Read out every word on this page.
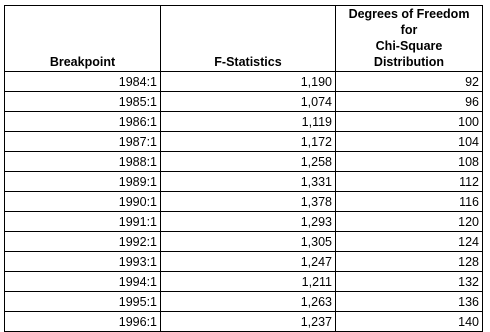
Breakpoint	F-Statistics	Degrees of Freedom for
Chi-Square Distribution

1984:1	1,190	92
1985:1	1,074	96
1986:1	1,119	100
1987:1	1,172	104
1988:1	1,258	108
1989:1	1,331	112
1990:1	1,378	116
1991:1	1,293	120
1992:1	1,305	124
1993:1	1,247	128
1994:1	1,211	132
1995:1	1,263	136
1996:1	1,237	140
